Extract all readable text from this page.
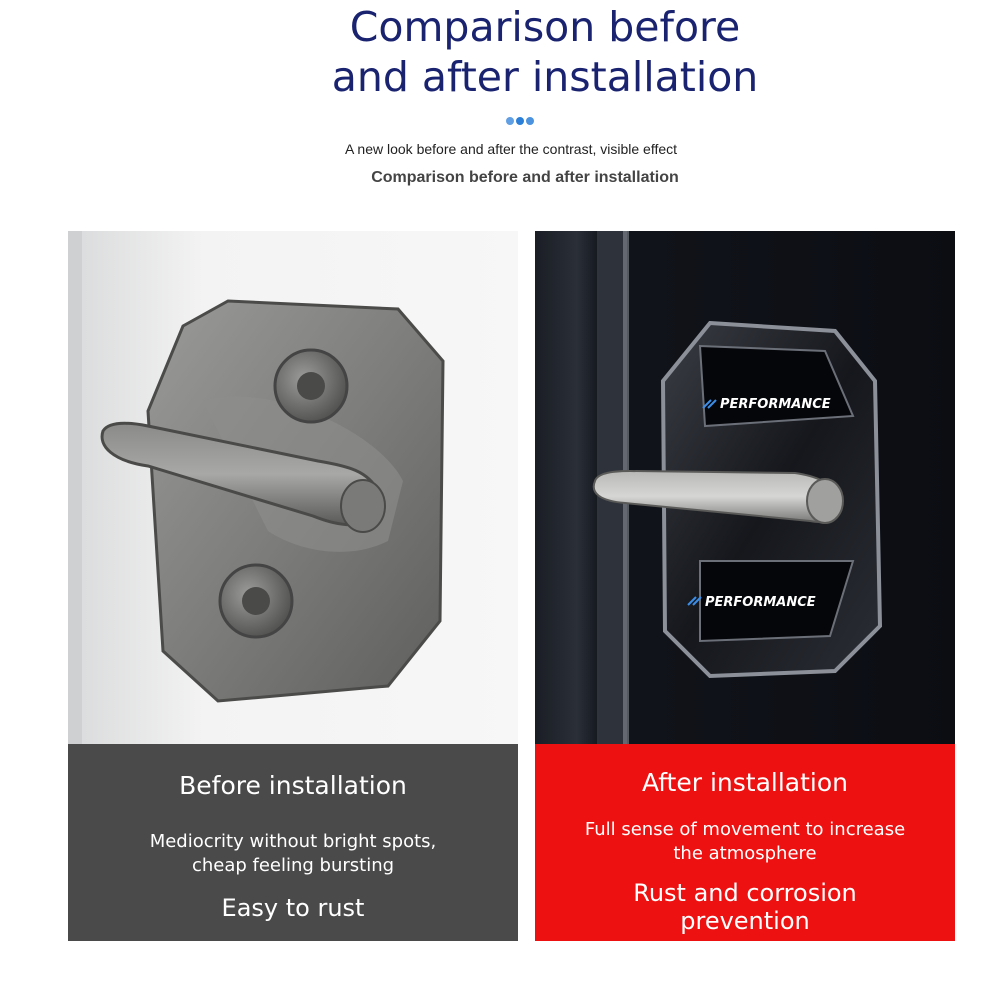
Comparison before
and after installation
A new look before and after the contrast, visible effect
Comparison before and after installation
Before installation
Mediocrity without bright spots,
cheap feeling bursting
Easy to rust
PERFORMANCE
PERFORMANCE
After installation
Full sense of movement to increase
the atmosphere
Rust and corrosion
prevention
